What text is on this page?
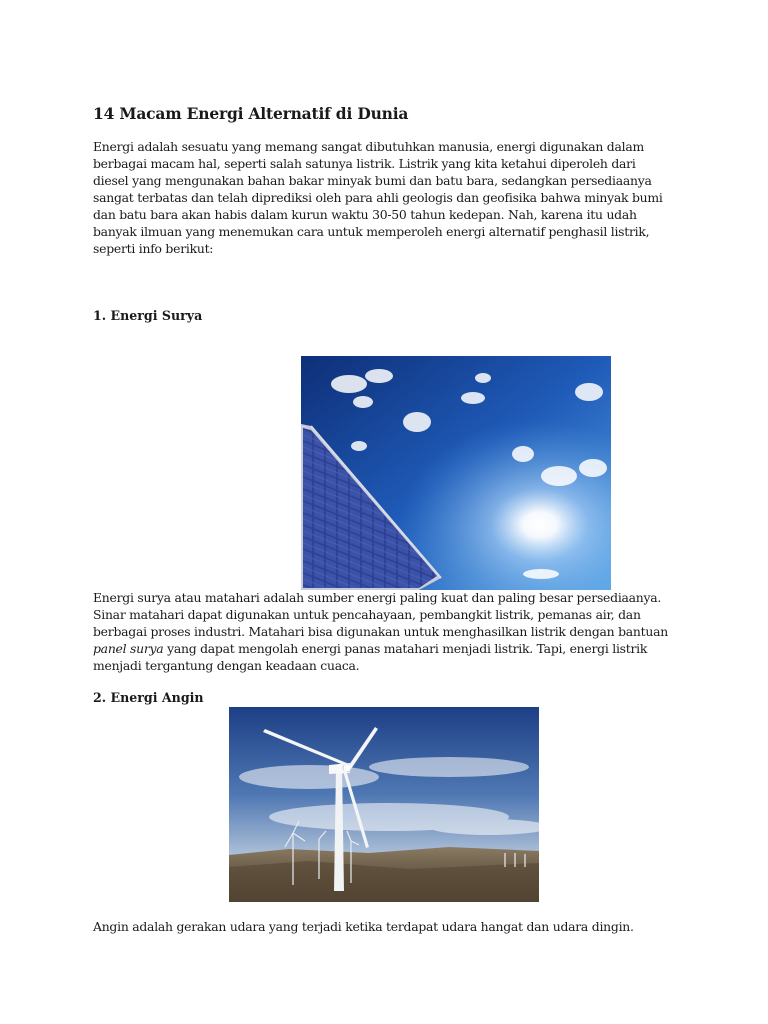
14 Macam Energi Alternatif di Dunia

Energi adalah sesuatu yang memang sangat dibutuhkan manusia, energi digunakan dalam
berbagai macam hal, seperti salah satunya listrik. Listrik yang kita ketahui diperoleh dari
diesel yang mengunakan bahan bakar minyak bumi dan batu bara, sedangkan persediaanya
sangat terbatas dan telah diprediksi oleh para ahli geologis dan geofisika bahwa minyak bumi
dan batu bara akan habis dalam kurun waktu 30-50 tahun kedepan. Nah, karena itu udah
banyak ilmuan yang menemukan cara untuk memperoleh energi alternatif penghasil listrik,
seperti info berikut:

1. Energi Surya

Energi surya atau matahari adalah sumber energi paling kuat dan paling besar persediaanya.
Sinar matahari dapat digunakan untuk pencahayaan, pembangkit listrik, pemanas air, dan
berbagai proses industri. Matahari bisa digunakan untuk menghasilkan listrik dengan bantuan
panel surya yang dapat mengolah energi panas matahari menjadi listrik. Tapi, energi listrik
menjadi tergantung dengan keadaan cuaca.

2. Energi Angin

Angin adalah gerakan udara yang terjadi ketika terdapat udara hangat dan udara dingin.
